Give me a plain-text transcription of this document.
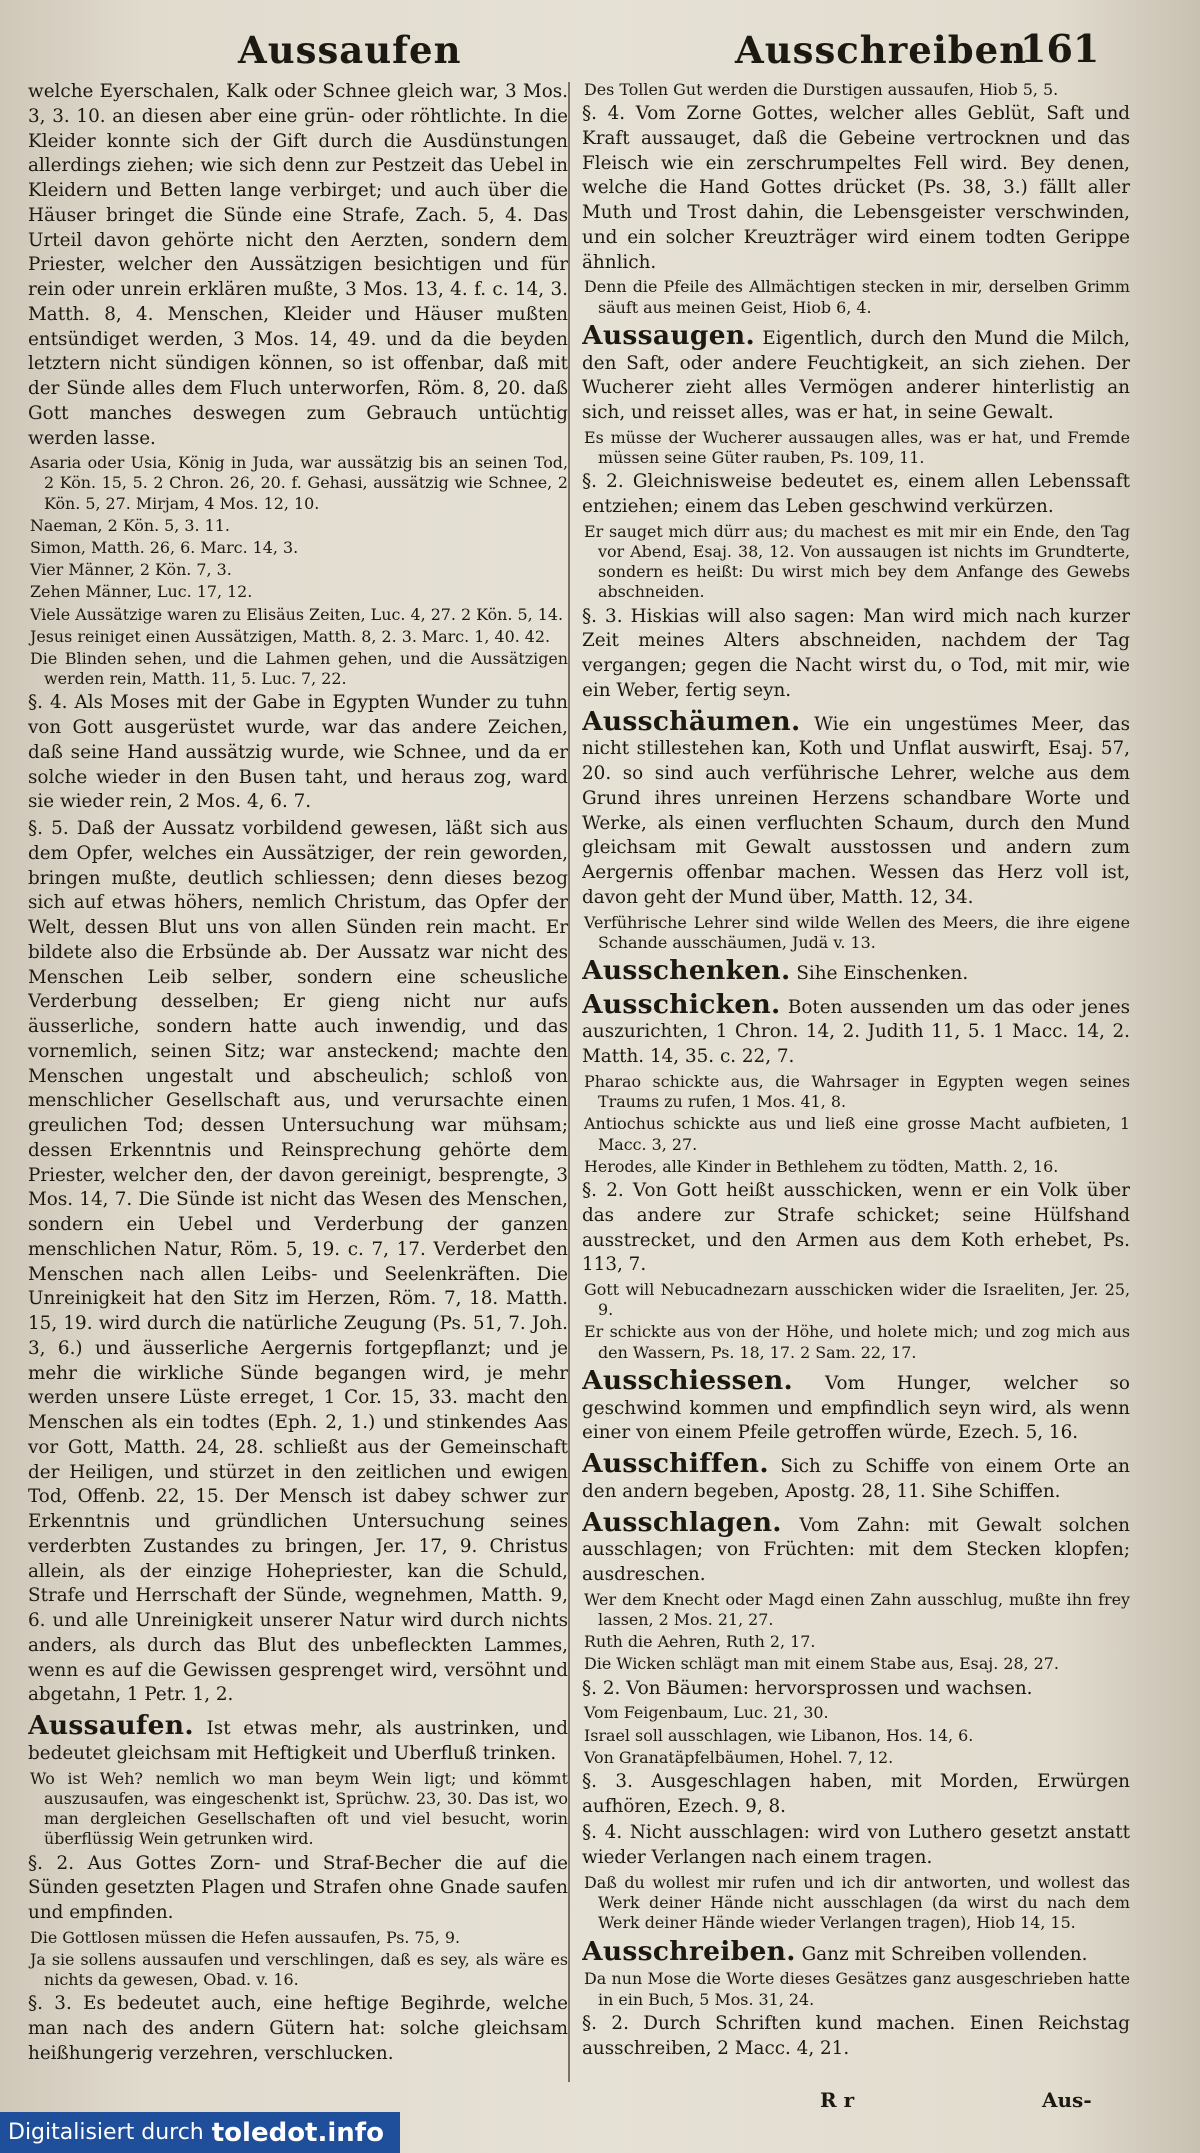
Aussaufen	Ausschreiben
161

welche Eyerschalen, Kalk oder Schnee gleich war, 3 Mos. 3, 3. 10. an diesen aber eine grün- oder röhtlichte. In die Kleider konnte sich der Gift durch die Ausdünstungen allerdings ziehen; wie sich denn zur Pestzeit das Uebel in Kleidern und Betten lange verbirget; und auch über die Häuser bringet die Sünde eine Strafe, Zach. 5, 4. Das Urteil davon gehörte nicht den Aerzten, sondern dem Priester, welcher den Aussätzigen besichtigen und für rein oder unrein erklären mußte, 3 Mos. 13, 4. f. c. 14, 3. Matth. 8, 4. Menschen, Kleider und Häuser mußten entsündiget werden, 3 Mos. 14, 49. und da die beyden letztern nicht sündigen können, so ist offenbar, daß mit der Sünde alles dem Fluch unterworfen, Röm. 8, 20. daß Gott manches deswegen zum Gebrauch untüchtig werden lasse.

Asaria oder Usia, König in Juda, war aussätzig bis an seinen Tod, 2 Kön. 15, 5. 2 Chron. 26, 20. f. Gehasi, aussätzig wie Schnee, 2 Kön. 5, 27. Mirjam, 4 Mos. 12, 10.

Naeman, 2 Kön. 5, 3. 11.

Simon, Matth. 26, 6. Marc. 14, 3.

Vier Männer, 2 Kön. 7, 3.

Zehen Männer, Luc. 17, 12.

Viele Aussätzige waren zu Elisäus Zeiten, Luc. 4, 27. 2 Kön. 5, 14.

Jesus reiniget einen Aussätzigen, Matth. 8, 2. 3. Marc. 1, 40. 42.

Die Blinden sehen, und die Lahmen gehen, und die Aussätzigen werden rein, Matth. 11, 5. Luc. 7, 22.

§. 4. Als Moses mit der Gabe in Egypten Wunder zu tuhn von Gott ausgerüstet wurde, war das andere Zeichen, daß seine Hand aussätzig wurde, wie Schnee, und da er solche wieder in den Busen taht, und heraus zog, ward sie wieder rein, 2 Mos. 4, 6. 7.

§. 5. Daß der Aussatz vorbildend gewesen, läßt sich aus dem Opfer, welches ein Aussätziger, der rein geworden, bringen mußte, deutlich schliessen; denn dieses bezog sich auf etwas höhers, nemlich Christum, das Opfer der Welt, dessen Blut uns von allen Sünden rein macht. Er bildete also die Erbsünde ab. Der Aussatz war nicht des Menschen Leib selber, sondern eine scheusliche Verderbung desselben; Er gieng nicht nur aufs äusserliche, sondern hatte auch inwendig, und das vornemlich, seinen Sitz; war ansteckend; machte den Menschen ungestalt und abscheulich; schloß von menschlicher Gesellschaft aus, und verursachte einen greulichen Tod; dessen Untersuchung war mühsam; dessen Erkenntnis und Reinsprechung gehörte dem Priester, welcher den, der davon gereinigt, besprengte, 3 Mos. 14, 7. Die Sünde ist nicht das Wesen des Menschen, sondern ein Uebel und Verderbung der ganzen menschlichen Natur, Röm. 5, 19. c. 7, 17. Verderbet den Menschen nach allen Leibs- und Seelenkräften. Die Unreinigkeit hat den Sitz im Herzen, Röm. 7, 18. Matth. 15, 19. wird durch die natürliche Zeugung (Ps. 51, 7. Joh. 3, 6.) und äusserliche Aergernis fortgepflanzt; und je mehr die wirkliche Sünde begangen wird, je mehr werden unsere Lüste erreget, 1 Cor. 15, 33. macht den Menschen als ein todtes (Eph. 2, 1.) und stinkendes Aas vor Gott, Matth. 24, 28. schließt aus der Gemeinschaft der Heiligen, und stürzet in den zeitlichen und ewigen Tod, Offenb. 22, 15. Der Mensch ist dabey schwer zur Erkenntnis und gründlichen Untersuchung seines verderbten Zustandes zu bringen, Jer. 17, 9. Christus allein, als der einzige Hohepriester, kan die Schuld, Strafe und Herrschaft der Sünde, wegnehmen, Matth. 9, 6. und alle Unreinigkeit unserer Natur wird durch nichts anders, als durch das Blut des unbefleckten Lammes, wenn es auf die Gewissen gesprenget wird, versöhnt und abgetahn, 1 Petr. 1, 2.

Aussaufen. Ist etwas mehr, als austrinken, und bedeutet gleichsam mit Heftigkeit und Uberfluß trinken.

Wo ist Weh? nemlich wo man beym Wein ligt; und kömmt auszusaufen, was eingeschenkt ist, Sprüchw. 23, 30. Das ist, wo man dergleichen Gesellschaften oft und viel besucht, worin überflüssig Wein getrunken wird.

§. 2. Aus Gottes Zorn- und Straf-Becher die auf die Sünden gesetzten Plagen und Strafen ohne Gnade saufen und empfinden.

Die Gottlosen müssen die Hefen aussaufen, Ps. 75, 9.

Ja sie sollens aussaufen und verschlingen, daß es sey, als wäre es nichts da gewesen, Obad. v. 16.

§. 3. Es bedeutet auch, eine heftige Begihrde, welche man nach des andern Gütern hat: solche gleichsam heißhungerig verzehren, verschlucken.

Des Tollen Gut werden die Durstigen aussaufen, Hiob 5, 5.

§. 4. Vom Zorne Gottes, welcher alles Geblüt, Saft und Kraft aussauget, daß die Gebeine vertrocknen und das Fleisch wie ein zerschrumpeltes Fell wird. Bey denen, welche die Hand Gottes drücket (Ps. 38, 3.) fällt aller Muth und Trost dahin, die Lebensgeister verschwinden, und ein solcher Kreuzträger wird einem todten Gerippe ähnlich.

Denn die Pfeile des Allmächtigen stecken in mir, derselben Grimm säuft aus meinen Geist, Hiob 6, 4.

Aussaugen. Eigentlich, durch den Mund die Milch, den Saft, oder andere Feuchtigkeit, an sich ziehen. Der Wucherer zieht alles Vermögen anderer hinterlistig an sich, und reisset alles, was er hat, in seine Gewalt.

Es müsse der Wucherer aussaugen alles, was er hat, und Fremde müssen seine Güter rauben, Ps. 109, 11.

§. 2. Gleichnisweise bedeutet es, einem allen Lebenssaft entziehen; einem das Leben geschwind verkürzen.

Er sauget mich dürr aus; du machest es mit mir ein Ende, den Tag vor Abend, Esaj. 38, 12. Von aussaugen ist nichts im Grundterte, sondern es heißt: Du wirst mich bey dem Anfange des Gewebs abschneiden.

§. 3. Hiskias will also sagen: Man wird mich nach kurzer Zeit meines Alters abschneiden, nachdem der Tag vergangen; gegen die Nacht wirst du, o Tod, mit mir, wie ein Weber, fertig seyn.

Ausschäumen. Wie ein ungestümes Meer, das nicht stillestehen kan, Koth und Unflat auswirft, Esaj. 57, 20. so sind auch verführische Lehrer, welche aus dem Grund ihres unreinen Herzens schandbare Worte und Werke, als einen verfluchten Schaum, durch den Mund gleichsam mit Gewalt ausstossen und andern zum Aergernis offenbar machen. Wessen das Herz voll ist, davon geht der Mund über, Matth. 12, 34.

Verführische Lehrer sind wilde Wellen des Meers, die ihre eigene Schande ausschäumen, Judä v. 13.

Ausschenken. Sihe Einschenken.

Ausschicken. Boten aussenden um das oder jenes auszurichten, 1 Chron. 14, 2. Judith 11, 5. 1 Macc. 14, 2. Matth. 14, 35. c. 22, 7.

Pharao schickte aus, die Wahrsager in Egypten wegen seines Traums zu rufen, 1 Mos. 41, 8.

Antiochus schickte aus und ließ eine grosse Macht aufbieten, 1 Macc. 3, 27.

Herodes, alle Kinder in Bethlehem zu tödten, Matth. 2, 16.

§. 2. Von Gott heißt ausschicken, wenn er ein Volk über das andere zur Strafe schicket; seine Hülfshand ausstrecket, und den Armen aus dem Koth erhebet, Ps. 113, 7.

Gott will Nebucadnezarn ausschicken wider die Israeliten, Jer. 25, 9.

Er schickte aus von der Höhe, und holete mich; und zog mich aus den Wassern, Ps. 18, 17. 2 Sam. 22, 17.

Ausschiessen. Vom Hunger, welcher so geschwind kommen und empfindlich seyn wird, als wenn einer von einem Pfeile getroffen würde, Ezech. 5, 16.

Ausschiffen. Sich zu Schiffe von einem Orte an den andern begeben, Apostg. 28, 11. Sihe Schiffen.

Ausschlagen. Vom Zahn: mit Gewalt solchen ausschlagen; von Früchten: mit dem Stecken klopfen; ausdreschen.

Wer dem Knecht oder Magd einen Zahn ausschlug, mußte ihn frey lassen, 2 Mos. 21, 27.

Ruth die Aehren, Ruth 2, 17.

Die Wicken schlägt man mit einem Stabe aus, Esaj. 28, 27.

§. 2. Von Bäumen: hervorsprossen und wachsen.

Vom Feigenbaum, Luc. 21, 30.

Israel soll ausschlagen, wie Libanon, Hos. 14, 6.

Von Granatäpfelbäumen, Hohel. 7, 12.

§. 3. Ausgeschlagen haben, mit Morden, Erwürgen aufhören, Ezech. 9, 8.

§. 4. Nicht ausschlagen: wird von Luthero gesetzt anstatt wieder Verlangen nach einem tragen.

Daß du wollest mir rufen und ich dir antworten, und wollest das Werk deiner Hände nicht ausschlagen (da wirst du nach dem Werk deiner Hände wieder Verlangen tragen), Hiob 14, 15.

Ausschreiben. Ganz mit Schreiben vollenden.

Da nun Mose die Worte dieses Gesätzes ganz ausgeschrieben hatte in ein Buch, 5 Mos. 31, 24.

§. 2. Durch Schriften kund machen. Einen Reichstag ausschreiben, 2 Macc. 4, 21.

R r	Aus-
Digitalisiert durch toledot.info
